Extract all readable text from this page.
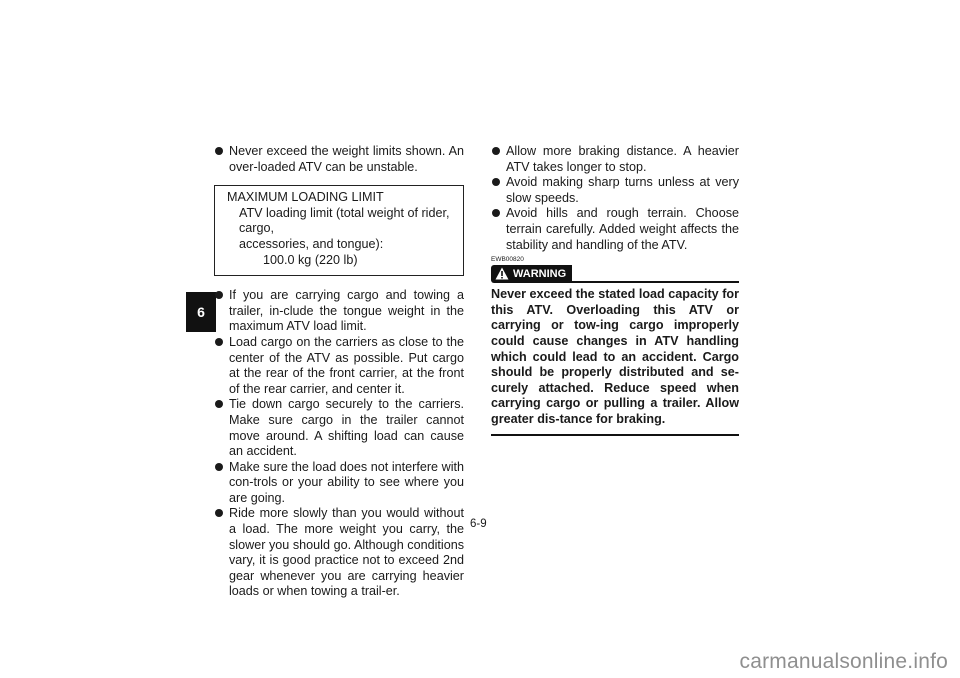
6

Never exceed the weight limits shown. An over-loaded ATV can be unstable.

MAXIMUM LOADING LIMIT
ATV loading limit (total weight of rider, cargo,
accessories, and tongue):
100.0 kg (220 lb)

If you are carrying cargo and towing a trailer, in-clude the tongue weight in the maximum ATV load limit.

Load cargo on the carriers as close to the center of the ATV as possible. Put cargo at the rear of the front carrier, at the front of the rear carrier, and center it.

Tie down cargo securely to the carriers. Make sure cargo in the trailer cannot move around. A shifting load can cause an accident.

Make sure the load does not interfere with con-trols or your ability to see where you are going.

Ride more slowly than you would without a load. The more weight you carry, the slower you should go. Although conditions vary, it is good practice not to exceed 2nd gear whenever you are carrying heavier loads or when towing a trail-er.

Allow more braking distance. A heavier ATV takes longer to stop.

Avoid making sharp turns unless at very slow speeds.

Avoid hills and rough terrain. Choose terrain carefully. Added weight affects the stability and handling of the ATV.

EWB00820
WARNING

Never exceed the stated load capacity for this ATV. Overloading this ATV or carrying or tow-ing cargo improperly could cause changes in ATV handling which could lead to an accident. Cargo should be properly distributed and se-curely attached. Reduce speed when carrying cargo or pulling a trailer. Allow greater dis-tance for braking.

6-9
carmanualsonline.info
